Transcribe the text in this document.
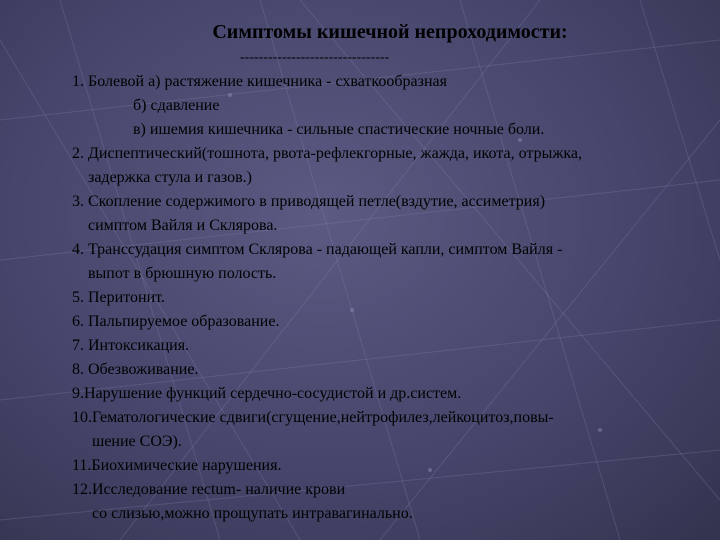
Симптомы кишечной непроходимости:
--------------------------------
1. Болевой а) растяжение кишечника - схваткообразная
б) сдавление
в) ишемия кишечника - сильные спастические ночные боли.
2. Диспептический(тошнота, рвота-рефлекгорные, жажда, икота, отрыжка,
задержка стула и газов.)
3. Скопление содержимого в приводящей петле(вздутие, ассиметрия)
симптом Вайля и Склярова.
4. Транссудация симптом Склярова - падающей капли, симптом Вайля -
выпот в брюшную полость.
5. Перитонит.
6. Пальпируемое образование.
7. Интоксикация.
8. Обезвоживание.
9.Нарушение функций сердечно-сосудистой и др.систем.
10.Гематологические сдвиги(сгущение,нейтрофилез,лейкоцитоз,повы-
шение СОЭ).
11.Биохимические нарушения.
12.Исследование rectum- наличие крови
со слизью,можно прощупать интравагинально.
